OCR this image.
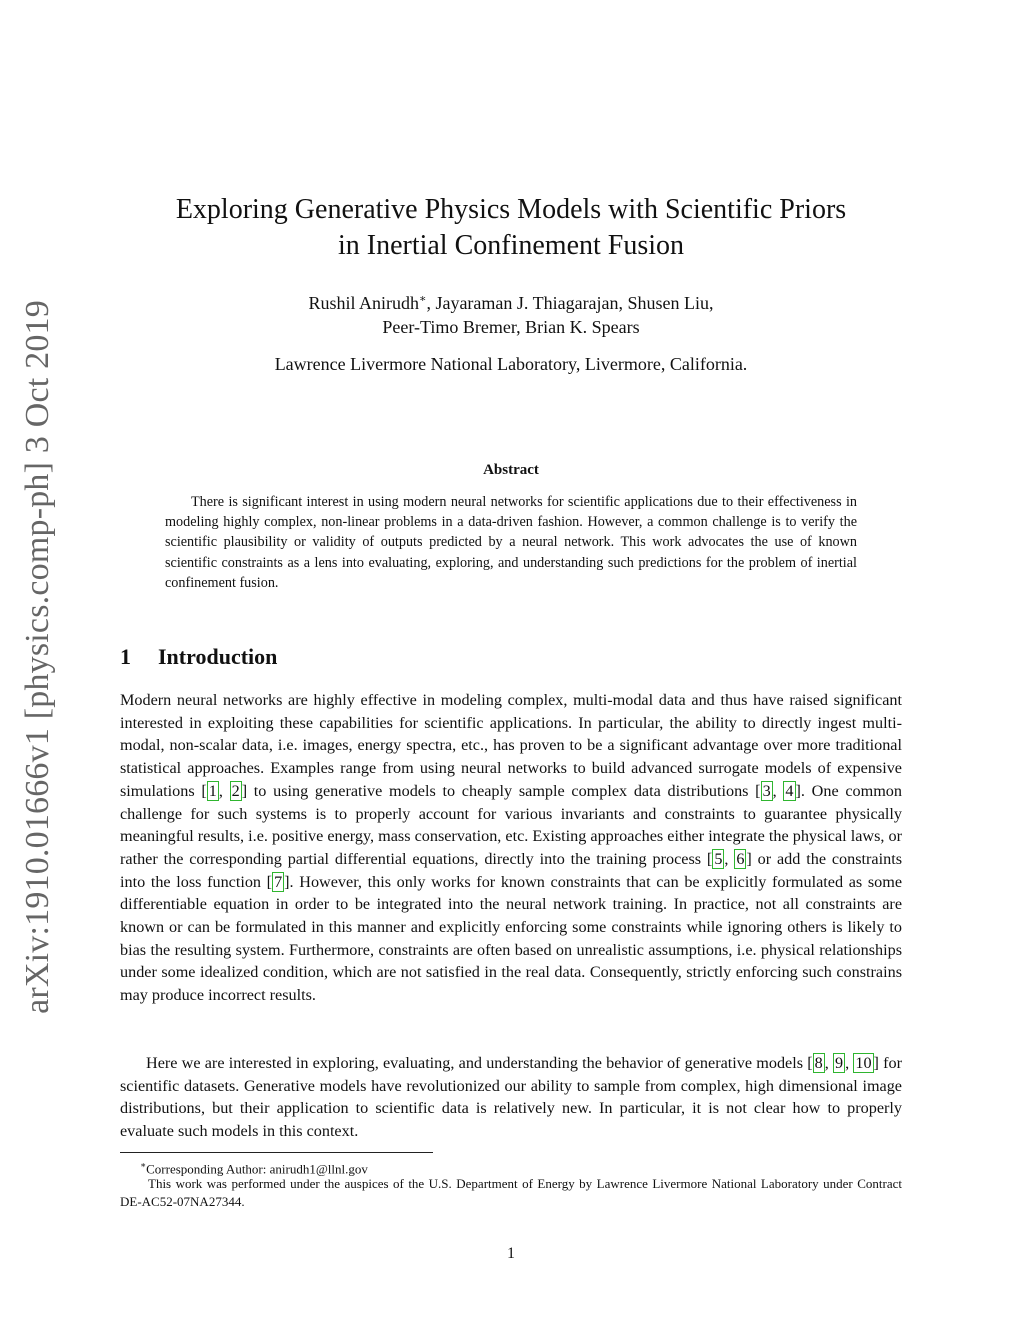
arXiv:1910.01666v1 [physics.comp-ph] 3 Oct 2019
Exploring Generative Physics Models with Scientific Priors
in Inertial Confinement Fusion
Rushil Anirudh∗, Jayaraman J. Thiagarajan, Shusen Liu,
Peer-Timo Bremer, Brian K. Spears
Lawrence Livermore National Laboratory, Livermore, California.
Abstract

There is significant interest in using modern neural networks for scientific applications due to their effectiveness in modeling highly complex, non-linear problems in a data-driven fashion. However, a common challenge is to verify the scientific plausibility or validity of outputs predicted by a neural network. This work advocates the use of known scientific constraints as a lens into evaluating, exploring, and understanding such predictions for the problem of inertial confinement fusion.

1 Introduction

Modern neural networks are highly effective in modeling complex, multi-modal data and thus have raised significant interested in exploiting these capabilities for scientific applications. In particular, the ability to directly ingest multi-modal, non-scalar data, i.e. images, energy spectra, etc., has proven to be a significant advantage over more traditional statistical approaches. Examples range from using neural networks to build advanced surrogate models of expensive simulations [ 1 , 2 ] to using generative models to cheaply sample complex data distributions [ 3 , 4 ]. One common challenge for such systems is to properly account for various invariants and constraints to guarantee physically meaningful results, i.e. positive energy, mass conservation, etc. Existing approaches either integrate the physical laws, or rather the corresponding partial differential equations, directly into the training process [ 5 , 6 ] or add the constraints into the loss function [ 7 ]. However, this only works for known constraints that can be explicitly formulated as some differentiable equation in order to be integrated into the neural network training. In practice, not all constraints are known or can be formulated in this manner and explicitly enforcing some constraints while ignoring others is likely to bias the resulting system. Furthermore, constraints are often based on unrealistic assumptions, i.e. physical relationships under some idealized condition, which are not satisfied in the real data. Consequently, strictly enforcing such constrains may produce incorrect results.

Here we are interested in exploring, evaluating, and understanding the behavior of generative models [ 8 , 9 , 10 ] for scientific datasets. Generative models have revolutionized our ability to sample from complex, high dimensional image distributions, but their application to scientific data is relatively new. In particular, it is not clear how to properly evaluate such models in this context.

∗Corresponding Author: anirudh1@llnl.gov

This work was performed under the auspices of the U.S. Department of Energy by Lawrence Livermore National Laboratory under Contract DE-AC52-07NA27344.

1
